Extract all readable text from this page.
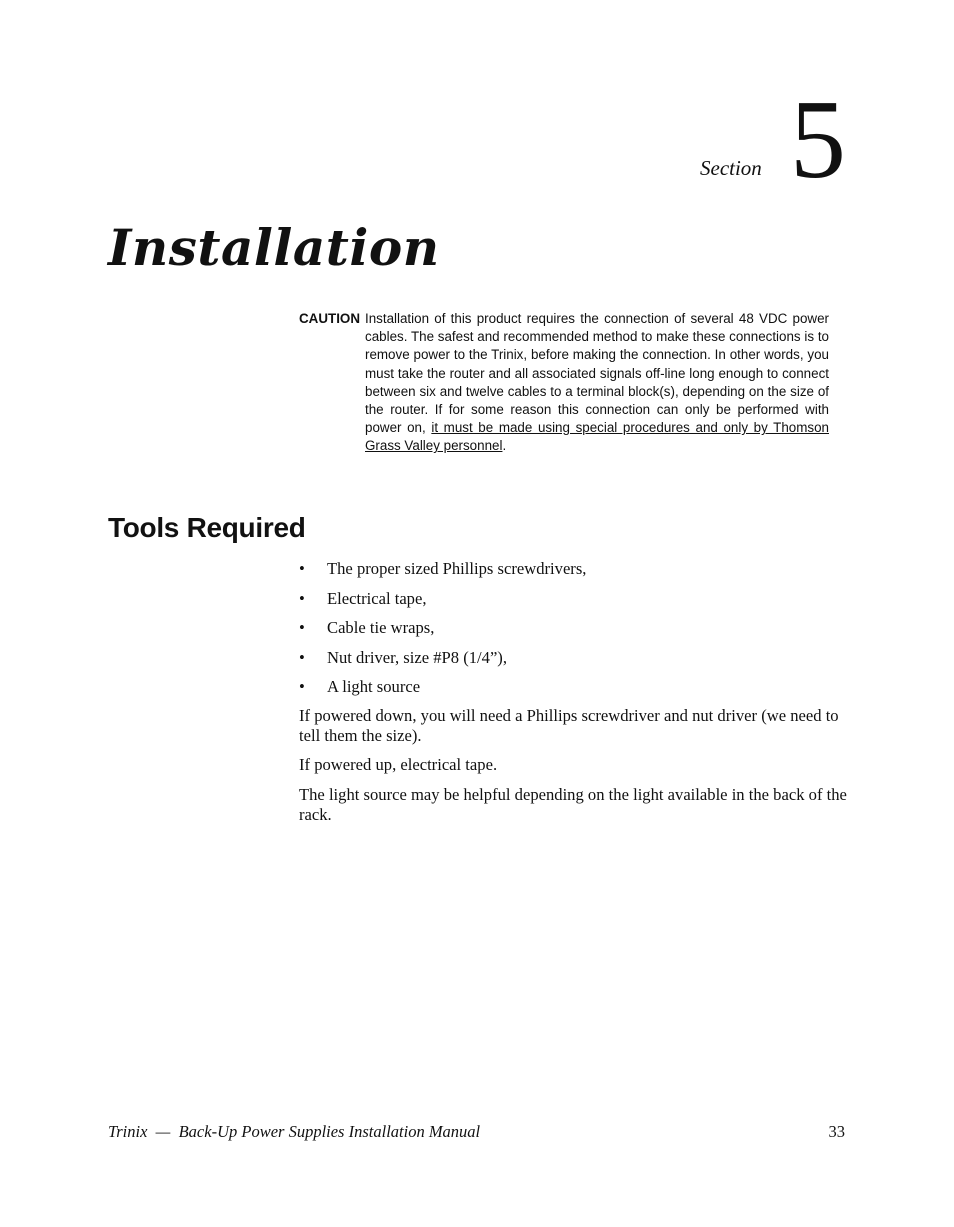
Section 5
Installation
CAUTION Installation of this product requires the connection of several 48 VDC power cables. The safest and recommended method to make these connections is to remove power to the Trinix, before making the connection. In other words, you must take the router and all associated signals off-line long enough to connect between six and twelve cables to a terminal block(s), depending on the size of the router. If for some reason this connection can only be performed with power on, it must be made using special procedures and only by Thomson Grass Valley personnel.
Tools Required
•	The proper sized Phillips screwdrivers,
•	Electrical tape,
•	Cable tie wraps,
•	Nut driver, size #P8 (1/4”),
•	A light source

If powered down, you will need a Phillips screwdriver and nut driver (we need to tell them the size).

If powered up, electrical tape.

The light source may be helpful depending on the light available in the back of the rack.

Trinix  —  Back-Up Power Supplies Installation Manual	33
